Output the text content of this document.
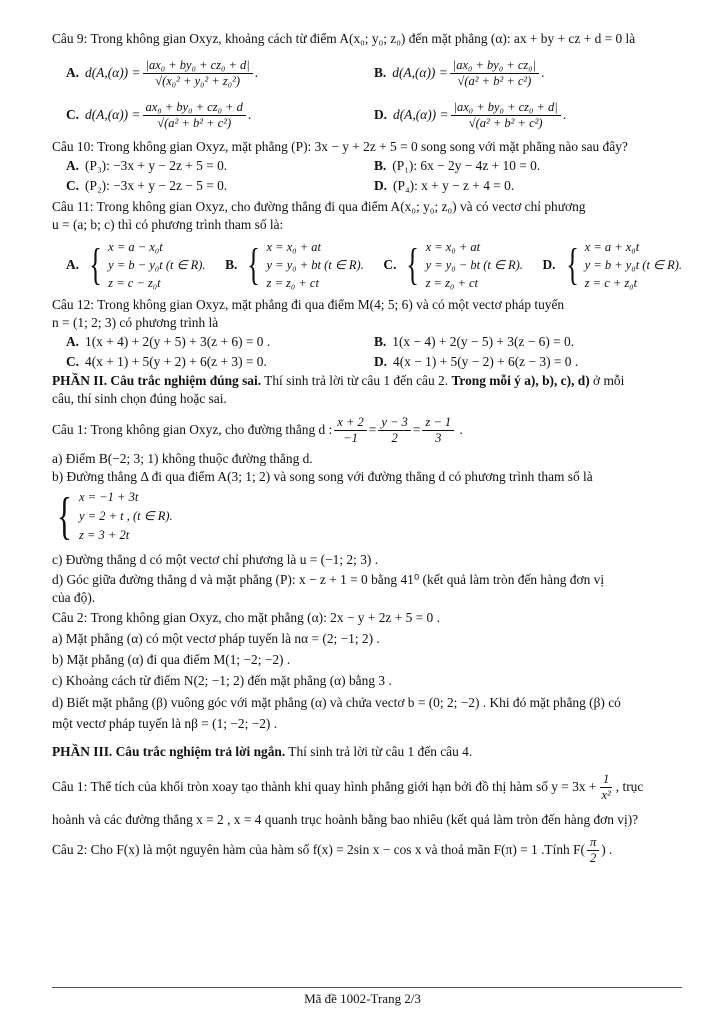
Câu 9: Trong không gian Oxyz, khoảng cách từ điểm A(x₀; y₀; z₀) đến mặt phẳng (α): ax + by + cz + d = 0 là
A. $d(A,(\alpha)) = \frac{\text{|ax₀ + by₀ + cz₀ + d|}}{\text{√(x₀² + y₀² + z₀²)}}$ .	B. $d(A,(\alpha)) = \frac{\text{|ax₀ + by₀ + cz₀|}}{\text{√(a² + b² + c²)}}$ .
C. $d(A,(\alpha)) = \frac{\text{ax₀ + by₀ + cz₀ + d}}{\text{√(a² + b² + c²)}}$ .	D. $d(A,(\alpha)) = \frac{\text{|ax₀ + by₀ + cz₀ + d|}}{\text{√(a² + b² + c²)}}$ .
Câu 10: Trong không gian Oxyz, mặt phẳng (P): 3x − y + 2z + 5 = 0 song song với mặt phẳng nào sau đây?
A. (P₃): −3x + y − 2z + 5 = 0.	B. (P₁): 6x − 2y − 4z + 10 = 0.
C. (P₂): −3x + y − 2z − 5 = 0.	D. (P₄): x + y − z + 4 = 0.
Câu 11: Trong không gian Oxyz, cho đường thẳng đi qua điểm A(x₀; y₀; z₀) và có vectơ chỉ phương
u = (a; b; c) thì có phương trình tham số là:
A. { x = a − x₀t
y = b − y₀t (t ∈ R).
z = c − z₀t
B. { x = x₀ + at
y = y₀ + bt (t ∈ R).
z = z₀ + ct
C. { x = x₀ + at
y = y₀ − bt (t ∈ R).
z = z₀ + ct
D. { x = a + x₀t
y = b + y₀t (t ∈ R).
z = c + z₀t
Câu 12: Trong không gian Oxyz, mặt phẳng đi qua điểm M(4; 5; 6) và có một vectơ pháp tuyến
n = (1; 2; 3) có phương trình là
A. 1(x + 4) + 2(y + 5) + 3(z + 6) = 0 .	B. 1(x − 4) + 2(y − 5) + 3(z − 6) = 0.
C. 4(x + 1) + 5(y + 2) + 6(z + 3) = 0.	D. 4(x − 1) + 5(y − 2) + 6(z − 3) = 0 .
PHẦN II. Câu trắc nghiệm đúng sai. Thí sinh trả lời từ câu 1 đến câu 2. Trong mỗi ý a), b), c), d) ở mỗi
câu, thí sinh chọn đúng hoặc sai.
Câu 1: Trong không gian Oxyz, cho đường thẳng d : $\frac{x + 2}{-1} = \frac{y - 3}{2} = \frac{z - 1}{3}$ .
a) Điểm B(−2; 3; 1) không thuộc đường thẳng d.
b) Đường thẳng Δ đi qua điểm A(3; 1; 2) và song song với đường thẳng d có phương trình tham số là
{ x = −1 + 3t
y = 2 + t , (t ∈ R).
z = 3 + 2t
c) Đường thẳng d có một vectơ chỉ phương là u = (−1; 2; 3) .
d) Góc giữa đường thẳng d và mặt phẳng (P): x − z + 1 = 0 bằng 41⁰ (kết quả làm tròn đến hàng đơn vị
của độ).
Câu 2: Trong không gian Oxyz, cho mặt phẳng (α): 2x − y + 2z + 5 = 0 .
a) Mặt phẳng (α) có một vectơ pháp tuyến là nα = (2; −1; 2) .
b) Mặt phẳng (α) đi qua điểm M(1; −2; −2) .
c) Khoảng cách từ điểm N(2; −1; 2) đến mặt phẳng (α) bằng 3 .
d) Biết mặt phẳng (β) vuông góc với mặt phẳng (α) và chứa vectơ b = (0; 2; −2) . Khi đó mặt phẳng (β) có
một vectơ pháp tuyến là nβ = (1; −2; −2) .
PHẦN III. Câu trắc nghiệm trả lời ngắn. Thí sinh trả lời từ câu 1 đến câu 4.
Câu 1: Thể tích của khối tròn xoay tạo thành khi quay hình phẳng giới hạn bởi đồ thị hàm số $y = 3x + \frac{1}{\text{x²}}$ , trục
hoành và các đường thẳng x = 2 , x = 4 quanh trục hoành bằng bao nhiêu (kết quả làm tròn đến hàng đơn vị)?
Câu 2: Cho F(x) là một nguyên hàm của hàm số f(x) = 2sin x − cos x và thoả mãn F(π) = 1 .Tính $F( \frac{\pi}{2}$ ) .
Mã đề 1002-Trang 2/3
